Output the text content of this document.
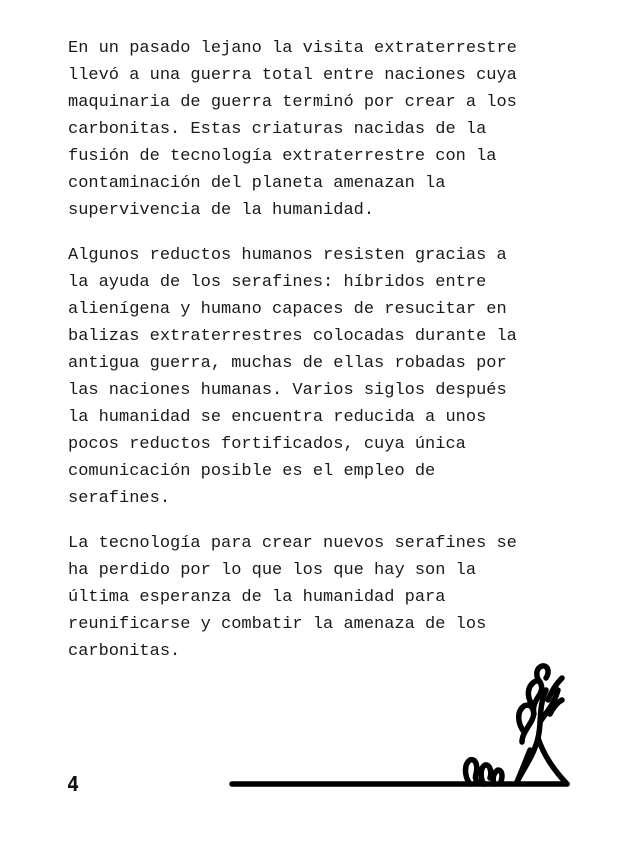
En un pasado lejano la visita extraterrestre
llevó a una guerra total entre naciones cuya
maquinaria de guerra terminó por crear a los
carbonitas. Estas criaturas nacidas de la
fusión de tecnología extraterrestre con la
contaminación del planeta amenazan la
supervivencia de la humanidad.

Algunos reductos humanos resisten gracias a
la ayuda de los serafines: híbridos entre
alienígena y humano capaces de resucitar en
balizas extraterrestres colocadas durante la
antigua guerra, muchas de ellas robadas por
las naciones humanas. Varios siglos después
la humanidad se encuentra reducida a unos
pocos reductos fortificados, cuya única
comunicación posible es el empleo de
serafines.

La tecnología para crear nuevos serafines se
ha perdido por lo que los que hay son la
última esperanza de la humanidad para
reunificarse y combatir la amenaza de los
carbonitas.

4
